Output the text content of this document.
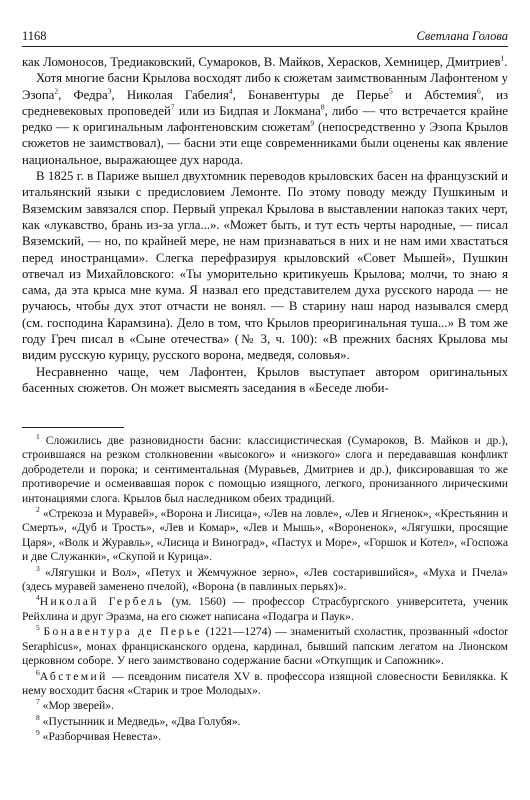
1168	Светлана Голова

как Ломоносов, Тредиаковский, Сумароков, В. Майков, Херасков, Хемницер, Дмитриев$^1$.

Хотя многие басни Крылова восходят либо к сюжетам заимствованным Лафонтеном у Эзопа$^2$, Федра$^3$, Николая Габелия$^4$, Бонавентуры де Перье$^5$ и Абстемия$^6$, из средневековых проповедей$^7$ или из Бидпая и Локмана$^8$, либо — что встречается крайне редко — к оригинальным лафонтеновским сюжетам$^9$ (непосредственно у Эзопа Крылов сюжетов не заимствовал), — басни эти еще современниками были оценены как явление национальное, выражающее дух народа.

В 1825 г. в Париже вышел двухтомник переводов крыловских басен на французский и итальянский языки с предисловием Лемонте. По этому поводу между Пушкиным и Вяземским завязался спор. Первый упрекал Крылова в выставлении напоказ таких черт, как «лукавство, брань из-за угла...». «Может быть, и тут есть черты народные, — писал Вяземский, — но, по крайней мере, не нам признаваться в них и не нам ими хвастаться перед иностранцами». Слегка перефразируя крыловский «Совет Мышей», Пушкин отвечал из Михайловского: «Ты уморительно критикуешь Крылова; молчи, то знаю я сама, да эта крыса мне кума. Я назвал его представителем духа русского народа — не ручаюсь, чтобы дух этот отчасти не вонял. — В старину наш народ назывался смерд (см. господина Карамзина). Дело в том, что Крылов преоригинальная туша...» В том же году Греч писал в «Сыне отечества» (№ 3, ч. 100): «В прежних баснях Крылова мы видим русскую курицу, русского ворона, медведя, соловья».

Несравненно чаще, чем Лафонтен, Крылов выступает автором оригинальных басенных сюжетов. Он может высмеять заседания в «Беседе люби-

$^1$ Сложились две разновидности басни: классицистическая (Сумароков, В. Майков и др.), строившаяся на резком столкновении «высокого» и «низкого» слога и передававшая конфликт добродетели и порока; и сентиментальная (Муравьев, Дмитриев и др.), фиксировавшая то же противоречие и осмеивавшая порок с помощью изящного, легкого, пронизанного лирическими интонациями слога. Крылов был наследником обеих традиций.

$^2$ «Стрекоза и Муравей», «Ворона и Лисица», «Лев на ловле», «Лев и Ягненок», «Крестьянин и Смерть», «Дуб и Трость», «Лев и Комар», «Лев и Мышь», «Вороненок», «Лягушки, просящие Царя», «Волк и Журавль», «Лисица и Виноград», «Пастух и Море», «Горшок и Котел», «Госпожа и две Служанки», «Скупой и Курица».

$^3$ «Лягушки и Вол», «Петух и Жемчужное зерно», «Лев состарившийся», «Муха и Пчела» (здесь муравей заменено пчелой), «Ворона (в павлиных перьях)».

$^4$Николай Гербель (ум. 1560) — профессор Страсбургского университета, ученик Рейхлина и друг Эразма, на его сюжет написана «Подагра и Паук».

$^5$ Бонавентура де Перье (1221—1274) — знаменитый схоластик, прозванный «doctor Seraphicus», монах францисканского ордена, кардинал, бывший папским легатом на Лионском церковном соборе. У него заимствовано содержание басни «Откупщик и Сапожник».

$^6$Абстемий — псевдоним писателя XV в. профессора изящной словесности Бевилякка. К нему восходит басня «Старик и трое Молодых».

$^7$ «Мор зверей».

$^8$ «Пустынник и Медведь», «Два Голубя».

$^9$ «Разборчивая Невеста».
